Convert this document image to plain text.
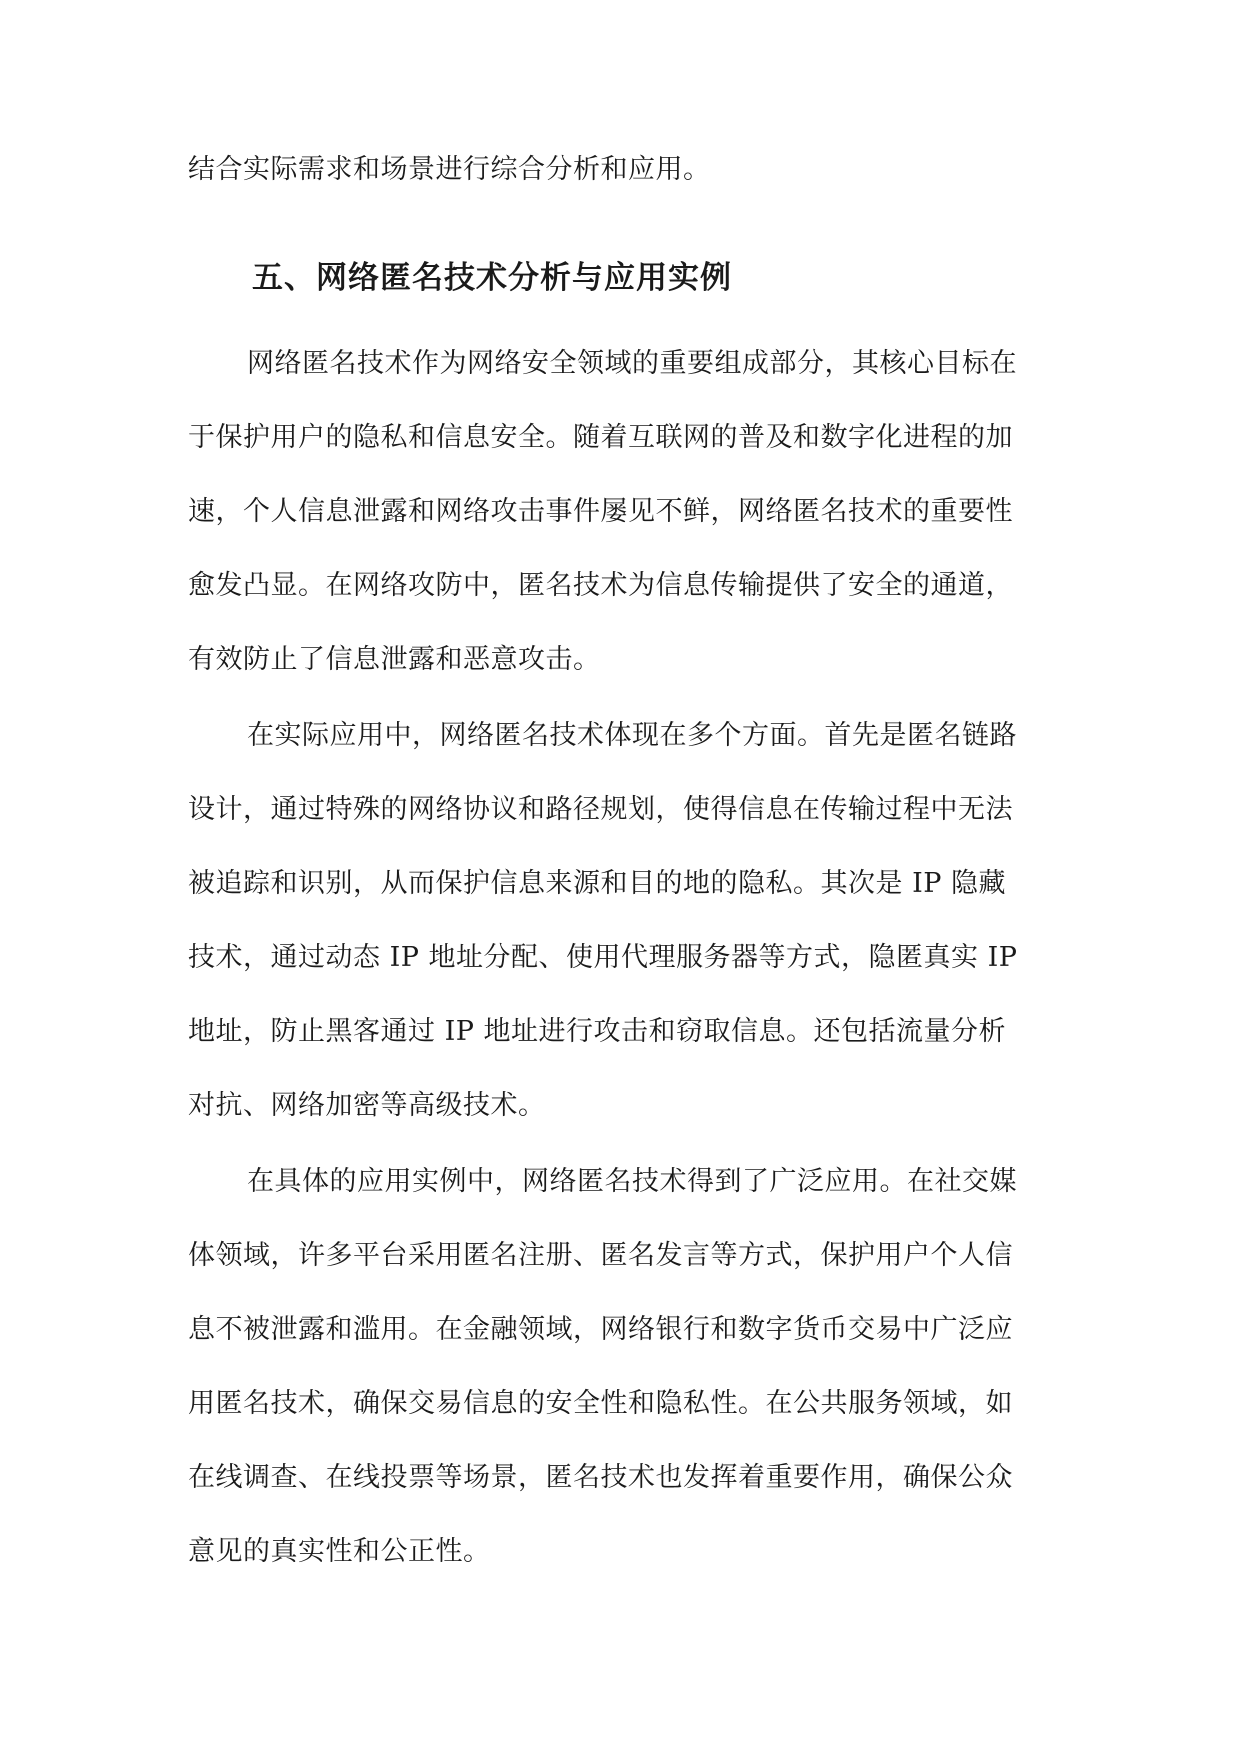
结合实际需求和场景进行综合分析和应用。
五、网络匿名技术分析与应用实例
网络匿名技术作为网络安全领域的重要组成部分，其核心目标在
于保护用户的隐私和信息安全。随着互联网的普及和数字化进程的加
速，个人信息泄露和网络攻击事件屡见不鲜，网络匿名技术的重要性
愈发凸显。在网络攻防中，匿名技术为信息传输提供了安全的通道，
有效防止了信息泄露和恶意攻击。
在实际应用中，网络匿名技术体现在多个方面。首先是匿名链路
设计，通过特殊的网络协议和路径规划，使得信息在传输过程中无法
被追踪和识别，从而保护信息来源和目的地的隐私。其次是 IP 隐藏
技术，通过动态 IP 地址分配、使用代理服务器等方式，隐匿真实 IP
地址，防止黑客通过 IP 地址进行攻击和窃取信息。还包括流量分析
对抗、网络加密等高级技术。
在具体的应用实例中，网络匿名技术得到了广泛应用。在社交媒
体领域，许多平台采用匿名注册、匿名发言等方式，保护用户个人信
息不被泄露和滥用。在金融领域，网络银行和数字货币交易中广泛应
用匿名技术，确保交易信息的安全性和隐私性。在公共服务领域，如
在线调查、在线投票等场景，匿名技术也发挥着重要作用，确保公众
意见的真实性和公正性。
